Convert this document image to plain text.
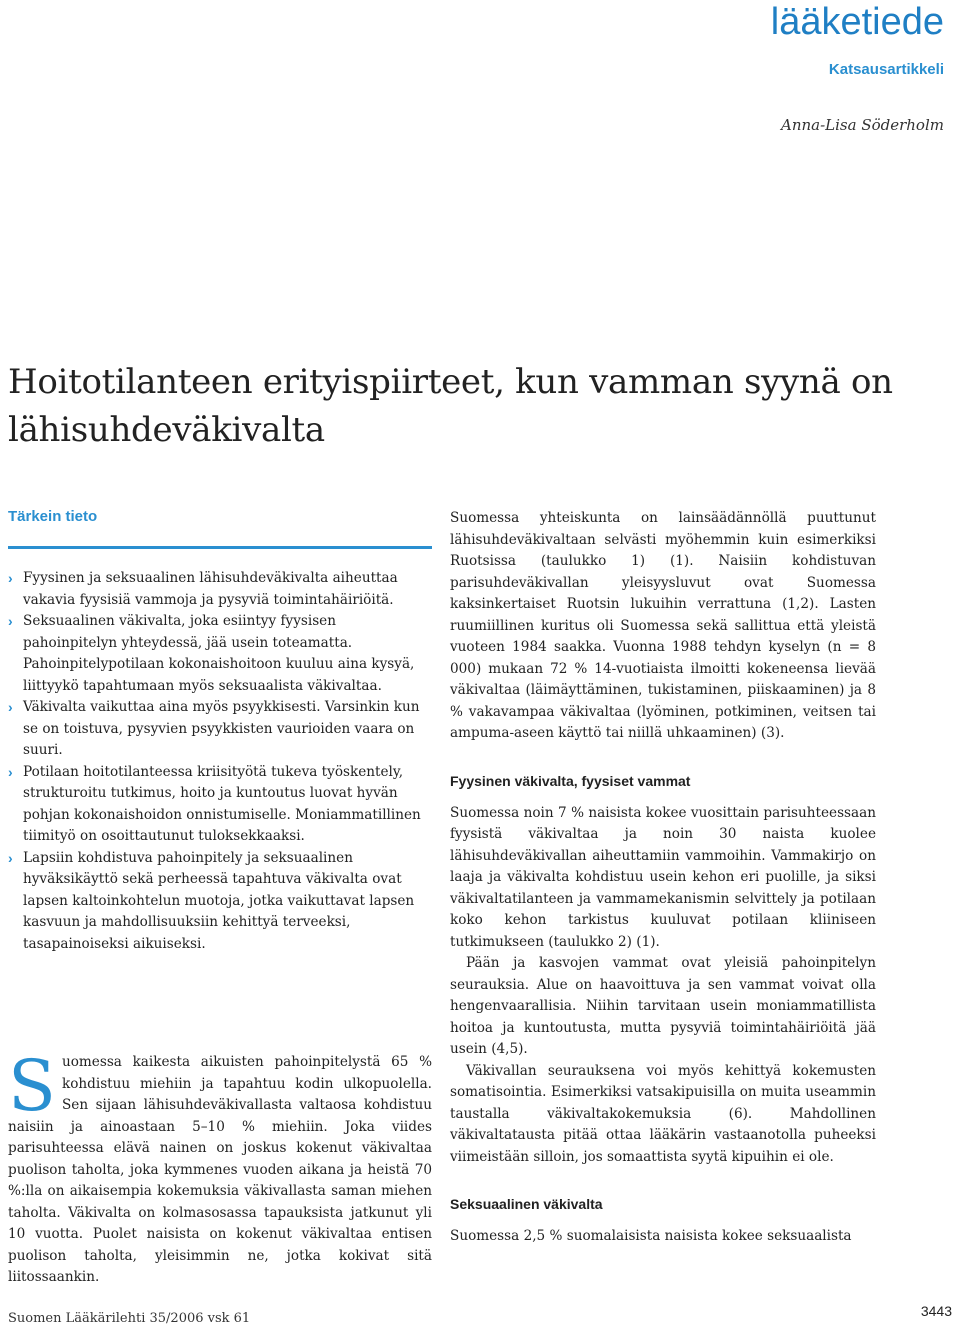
lääketiede
Katsausartikkeli
Anna-Lisa Söderholm
Hoitotilanteen erityispiirteet, kun vamman syynä on lähisuhdeväkivalta
Tärkein tieto
› Fyysinen ja seksuaalinen lähisuhdeväkivalta aiheuttaa vakavia fyysisiä vammoja ja pysyviä toimintahäiriöitä.
› Seksuaalinen väkivalta, joka esiintyy fyysisen pahoinpitelyn yhteydessä, jää usein toteamatta. Pahoinpitelypotilaan kokonaishoitoon kuuluu aina kysyä, liittyykö tapahtumaan myös seksuaalista väkivaltaa.
› Väkivalta vaikuttaa aina myös psyykkisesti. Varsinkin kun se on toistuva, pysyvien psyykkisten vaurioiden vaara on suuri.
› Potilaan hoitotilanteessa kriisityötä tukeva työskentely, strukturoitu tutkimus, hoito ja kuntoutus luovat hyvän pohjan kokonaishoidon onnistumiselle. Moniammatillinen tiimityö on osoittautunut tuloksekkaaksi.
› Lapsiin kohdistuva pahoinpitely ja seksuaalinen hyväksikäyttö sekä perheessä tapahtuva väkivalta ovat lapsen kaltoinkohtelun muotoja, jotka vaikuttavat lapsen kasvuun ja mahdollisuuksiin kehittyä terveeksi, tasapainoiseksi aikuiseksi.

Suomessa kaikesta aikuisten pahoinpitelystä 65 % kohdistuu miehiin ja tapahtuu kodin ulkopuolella. Sen sijaan lähisuhdeväkivallasta valtaosa kohdistuu naisiin ja ainoastaan 5–10 % miehiin. Joka viides parisuhteessa elävä nainen on joskus kokenut väkivaltaa puolison taholta, joka kymmenes vuoden aikana ja heistä 70 %:lla on aikaisempia kokemuksia väkivallasta saman miehen taholta. Väkivalta on kolmasosassa tapauksista jatkunut yli 10 vuotta. Puolet naisista on kokenut väkivaltaa entisen puolison taholta, yleisimmin ne, jotka kokivat sitä liitossaankin.

Suomessa yhteiskunta on lainsäädännöllä puuttunut lähisuhdeväkivaltaan selvästi myöhemmin kuin esimerkiksi Ruotsissa (taulukko 1) (1). Naisiin kohdistuvan parisuhdeväkivallan yleisyysluvut ovat Suomessa kaksinkertaiset Ruotsin lukuihin verrattuna (1,2). Lasten ruumiillinen kuritus oli Suomessa sekä sallittua että yleistä vuoteen 1984 saakka. Vuonna 1988 tehdyn kyselyn (n = 8 000) mukaan 72 % 14-vuotiaista ilmoitti kokeneensa lievää väkivaltaa (läimäyttäminen, tukistaminen, piiskaaminen) ja 8 % vakavampaa väkivaltaa (lyöminen, potkiminen, veitsen tai ampuma-aseen käyttö tai niillä uhkaaminen) (3).

Fyysinen väkivalta, fyysiset vammat

Suomessa noin 7 % naisista kokee vuosittain parisuhteessaan fyysistä väkivaltaa ja noin 30 naista kuolee lähisuhdeväkivallan aiheuttamiin vammoihin. Vammakirjo on laaja ja väkivalta kohdistuu usein kehon eri puolille, ja siksi väkivaltatilanteen ja vammamekanismin selvittely ja potilaan koko kehon tarkistus kuuluvat potilaan kliiniseen tutkimukseen (taulukko 2) (1).

Pään ja kasvojen vammat ovat yleisiä pahoinpitelyn seurauksia. Alue on haavoittuva ja sen vammat voivat olla hengenvaarallisia. Niihin tarvitaan usein moniammatillista hoitoa ja kuntoutusta, mutta pysyviä toimintahäiriöitä jää usein (4,5).

Väkivallan seurauksena voi myös kehittyä kokemusten somatisointia. Esimerkiksi vatsakipuisilla on muita useammin taustalla väkivaltakokemuksia (6). Mahdollinen väkivaltatausta pitää ottaa lääkärin vastaanotolla puheeksi viimeistään silloin, jos somaattista syytä kipuihin ei ole.

Seksuaalinen väkivalta

Suomessa 2,5 % suomalaisista naisista kokee seksuaalista

Suomen Lääkärilehti 35/2006 vsk 61	3443
